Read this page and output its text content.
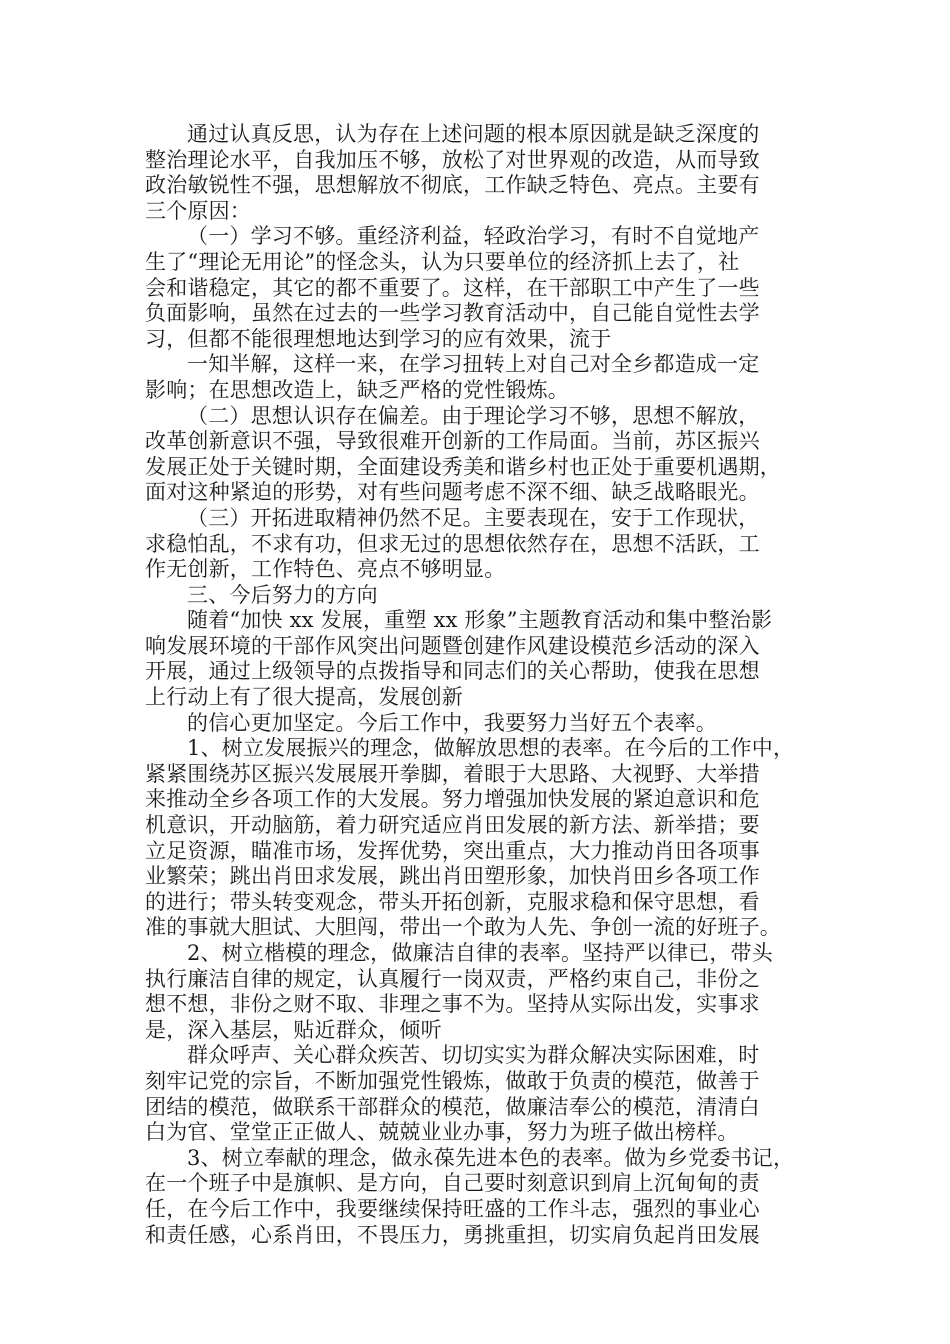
通过认真反思，认为存在上述问题的根本原因就是缺乏深度的
整治理论水平，自我加压不够，放松了对世界观的改造，从而导致
政治敏锐性不强，思想解放不彻底，工作缺乏特色、亮点。主要有
三个原因：
（一）学习不够。重经济利益，轻政治学习，有时不自觉地产
生了“理论无用论”的怪念头，认为只要单位的经济抓上去了，社
会和谐稳定，其它的都不重要了。这样，在干部职工中产生了一些
负面影响，虽然在过去的一些学习教育活动中，自己能自觉性去学
习，但都不能很理想地达到学习的应有效果，流于
一知半解，这样一来，在学习扭转上对自己对全乡都造成一定
影响；在思想改造上，缺乏严格的党性锻炼。
（二）思想认识存在偏差。由于理论学习不够，思想不解放，
改革创新意识不强，导致很难开创新的工作局面。当前，苏区振兴
发展正处于关键时期，全面建设秀美和谐乡村也正处于重要机遇期，
面对这种紧迫的形势，对有些问题考虑不深不细、缺乏战略眼光。
（三）开拓进取精神仍然不足。主要表现在，安于工作现状，
求稳怕乱，不求有功，但求无过的思想依然存在，思想不活跃，工
作无创新，工作特色、亮点不够明显。
三、今后努力的方向
随着“加快 xx 发展，重塑 xx 形象”主题教育活动和集中整治影
响发展环境的干部作风突出问题暨创建作风建设模范乡活动的深入
开展，通过上级领导的点拨指导和同志们的关心帮助，使我在思想
上行动上有了很大提高，发展创新
的信心更加坚定。今后工作中，我要努力当好五个表率。
1、树立发展振兴的理念，做解放思想的表率。在今后的工作中，
紧紧围绕苏区振兴发展展开拳脚，着眼于大思路、大视野、大举措
来推动全乡各项工作的大发展。努力增强加快发展的紧迫意识和危
机意识，开动脑筋，着力研究适应肖田发展的新方法、新举措；要
立足资源，瞄准市场，发挥优势，突出重点，大力推动肖田各项事
业繁荣；跳出肖田求发展，跳出肖田塑形象，加快肖田乡各项工作
的进行；带头转变观念，带头开拓创新，克服求稳和保守思想，看
准的事就大胆试、大胆闯，带出一个敢为人先、争创一流的好班子。
2、树立楷模的理念，做廉洁自律的表率。坚持严以律已，带头
执行廉洁自律的规定，认真履行一岗双责，严格约束自己，非份之
想不想，非份之财不取、非理之事不为。坚持从实际出发，实事求
是，深入基层，贴近群众，倾听
群众呼声、关心群众疾苦、切切实实为群众解决实际困难，时
刻牢记党的宗旨，不断加强党性锻炼，做敢于负责的模范，做善于
团结的模范，做联系干部群众的模范，做廉洁奉公的模范，清清白
白为官、堂堂正正做人、兢兢业业办事，努力为班子做出榜样。
3、树立奉献的理念，做永葆先进本色的表率。做为乡党委书记，
在一个班子中是旗帜、是方向，自己要时刻意识到肩上沉甸甸的责
任，在今后工作中，我要继续保持旺盛的工作斗志，强烈的事业心
和责任感，心系肖田，不畏压力，勇挑重担，切实肩负起肖田发展
